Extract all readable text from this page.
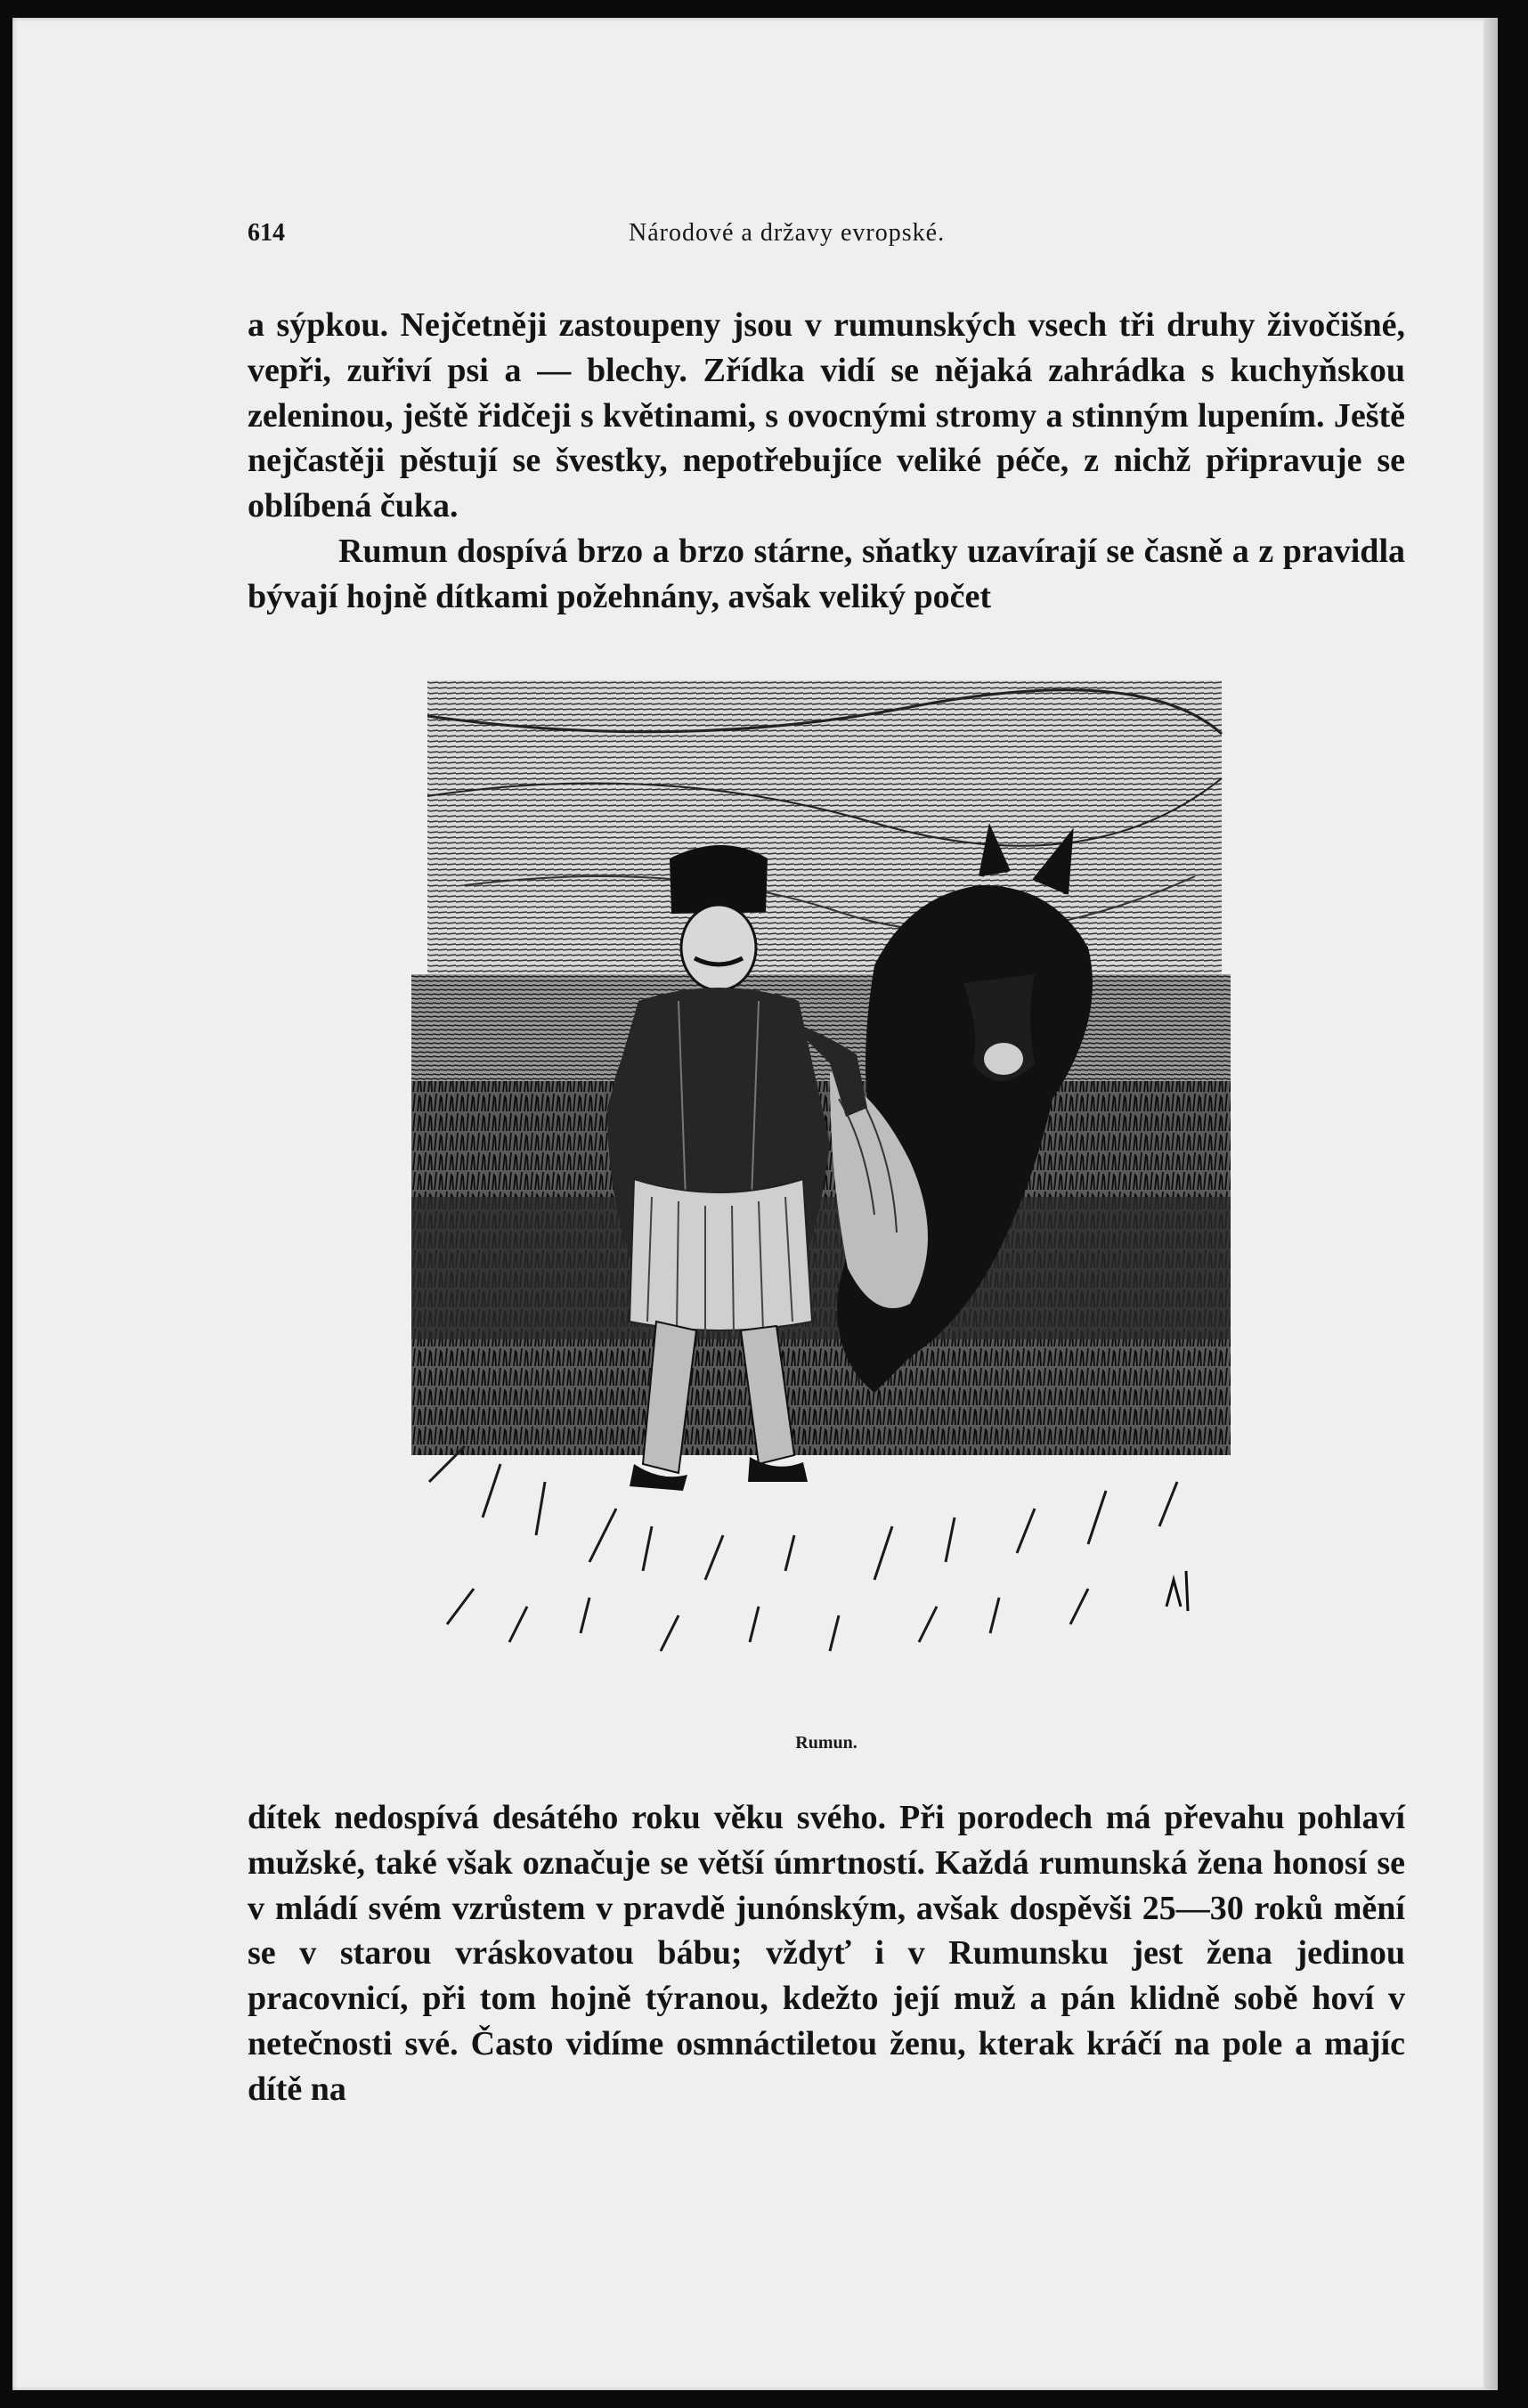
614	Národové a državy evropské.

a sýpkou. Nejčetněji zastoupeny jsou v rumunských vsech tři druhy živočišné, vepři, zuřiví psi a — blechy. Zřídka vidí se nějaká zahrádka s kuchyňskou zeleninou, ještě řidčeji s květinami, s ovocnými stromy a stinným lupením. Ještě nejčastěji pěstují se švestky, nepotřebujíce veliké péče, z nichž připravuje se oblíbená čuka.

Rumun dospívá brzo a brzo stárne, sňatky uzavírají se časně a z pravidla bývají hojně dítkami požehnány, avšak veliký počet

Rumun.

dítek nedospívá desátého roku věku svého. Při porodech má převahu pohlaví mužské, také však označuje se větší úmrtností. Každá rumunská žena honosí se v mládí svém vzrůstem v pravdě junónským, avšak dospěvši 25—30 roků mění se v starou vráskovatou bábu; vždyť i v Rumunsku jest žena jedinou pracovnicí, při tom hojně týranou, kdežto její muž a pán klidně sobě hoví v netečnosti své. Často vidíme osmnáctiletou ženu, kterak kráčí na pole a majíc dítě na
